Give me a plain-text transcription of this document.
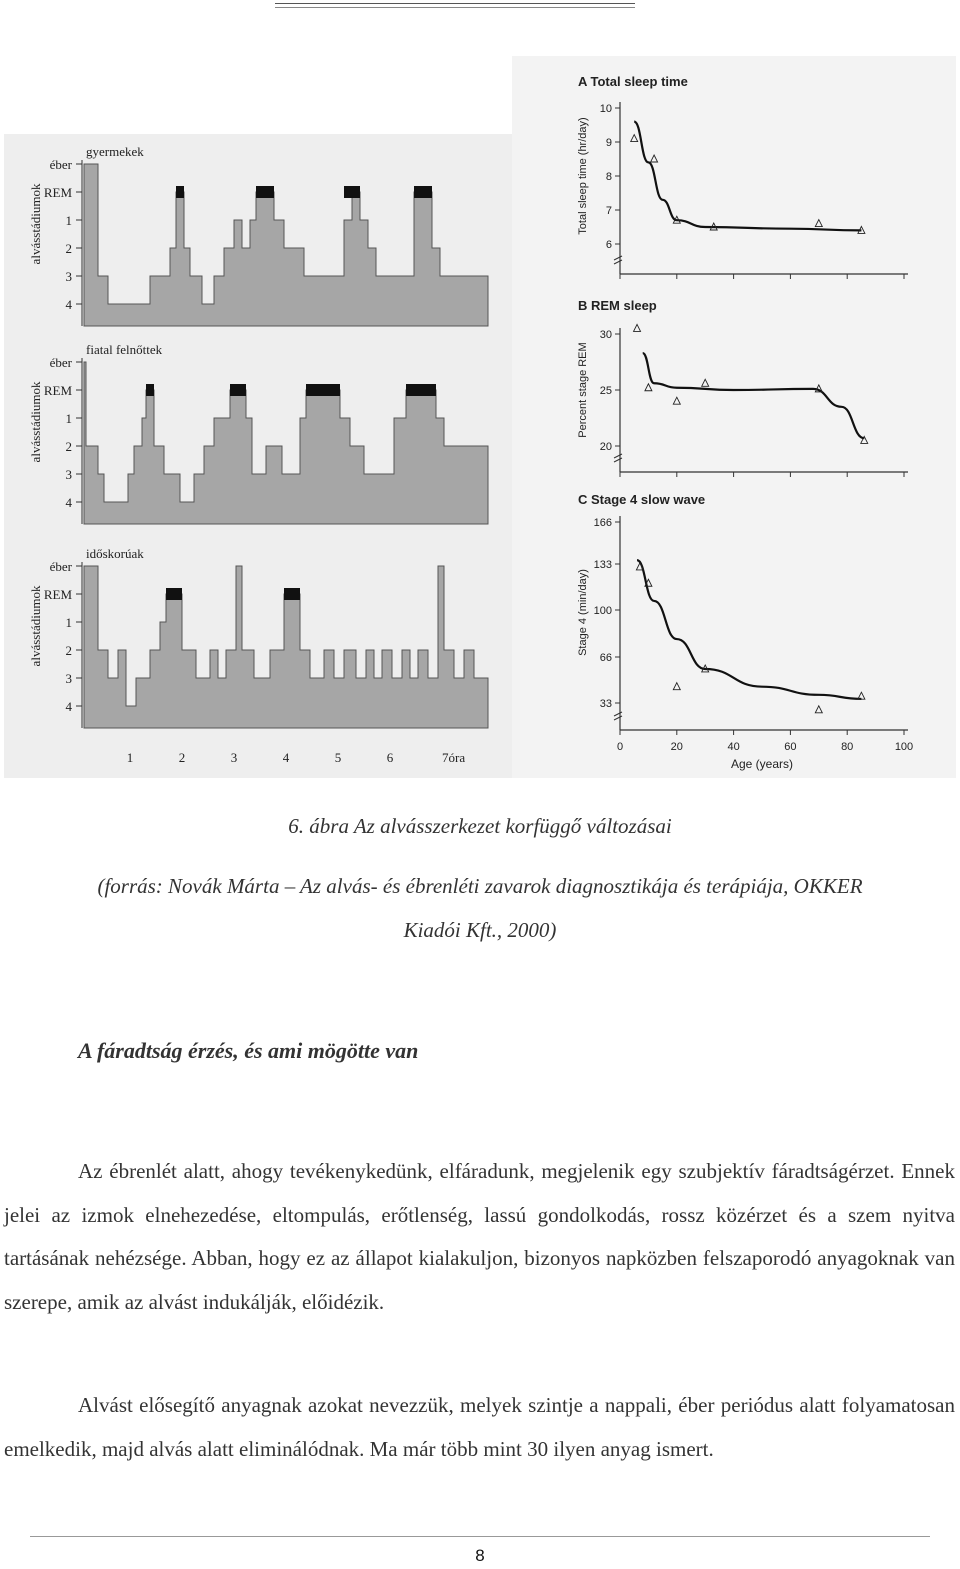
éber
REM
1
2
3
4
gyermekek
alvásstádiumok
éber
REM
1
2
3
4
fiatal felnőttek
alvásstádiumok
éber
REM
1
2
3
4
időskorúak
alvásstádiumok
1	2	3	4	5	6	7óra
A Total sleep time
10
9
8
7
6
Total sleep time (hr/day)
B REM sleep
30
25
20
Percent stage REM
C Stage 4 slow wave
166
133
100
66
33
0	20	40	60	80	100
Age (years)
Stage 4 (min/day)
6. ábra Az alvásszerkezet korfüggő változásai
(forrás: Novák Márta – Az alvás- és ébrenléti zavarok diagnosztikája és terápiája, OKKER
Kiadói Kft., 2000)
A fáradtság érzés, és ami mögötte van
Az ébrenlét alatt, ahogy tevékenykedünk, elfáradunk, megjelenik egy szubjektív fáradtságérzet. Ennek jelei az izmok elnehezedése, eltompulás, erőtlenség, lassú gondolkodás, rossz közérzet és a szem nyitva tartásának nehézsége. Abban, hogy ez az állapot kialakuljon, bizonyos napközben felszaporodó anyagoknak van szerepe, amik az alvást indukálják, előidézik.
Alvást elősegítő anyagnak azokat nevezzük, melyek szintje a nappali, éber periódus alatt folyamatosan emelkedik, majd alvás alatt eliminálódnak. Ma már több mint 30 ilyen anyag ismert.
8
